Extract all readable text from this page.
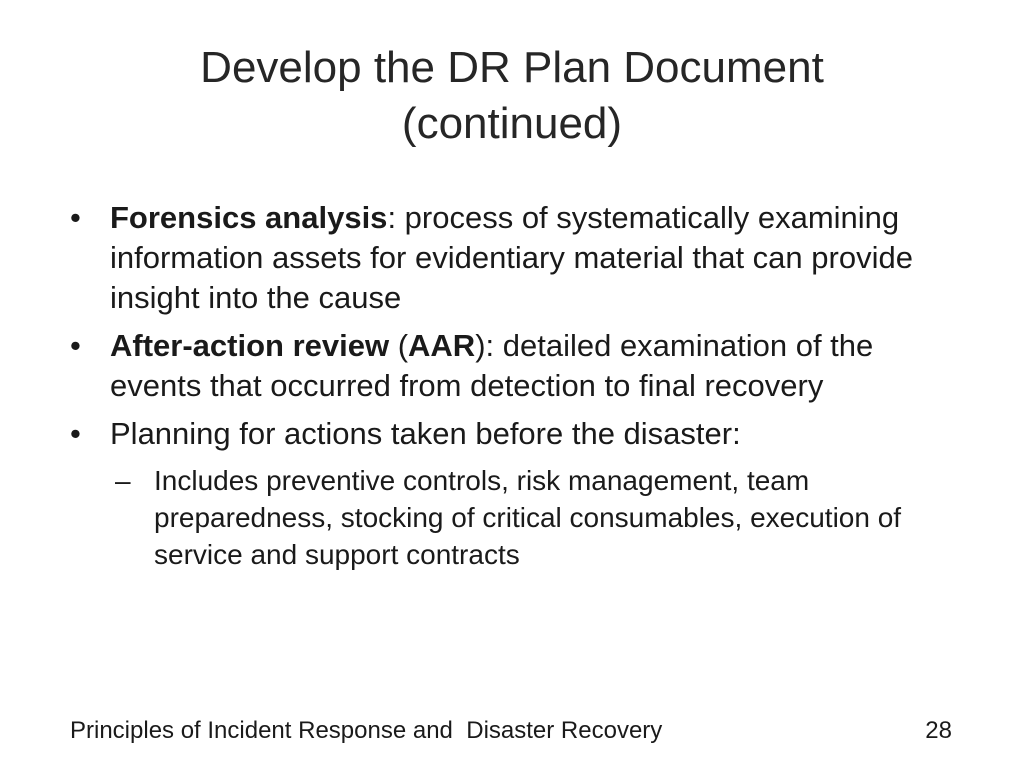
Develop the DR Plan Document
(continued)
• Forensics analysis: process of systematically examining information assets for evidentiary material that can provide insight into the cause
• After-action review (AAR): detailed examination of the events that occurred from detection to final recovery
• Planning for actions taken before the disaster:
– Includes preventive controls, risk management, team preparedness, stocking of critical consumables, execution of service and support contracts
Principles of Incident Response and  Disaster Recovery	28
